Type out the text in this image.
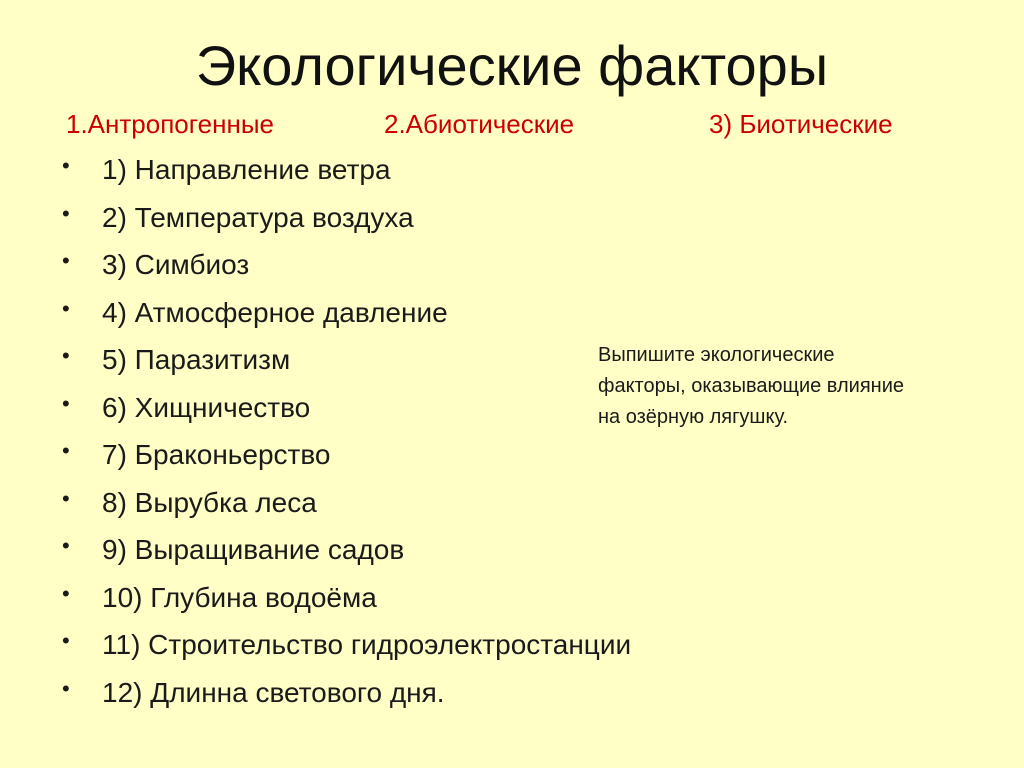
Экологические факторы
1.Антропогенные	2.Абиотические	3) Биотические
• 1) Направление ветра
• 2) Температура воздуха
• 3) Симбиоз
• 4) Атмосферное давление
• 5) Паразитизм
• 6) Хищничество
• 7) Браконьерство
• 8) Вырубка леса
• 9) Выращивание садов
• 10) Глубина водоёма
• 11) Строительство гидроэлектростанции
• 12) Длинна светового дня.
Выпишите экологические факторы, оказывающие влияние на озёрную лягушку.
